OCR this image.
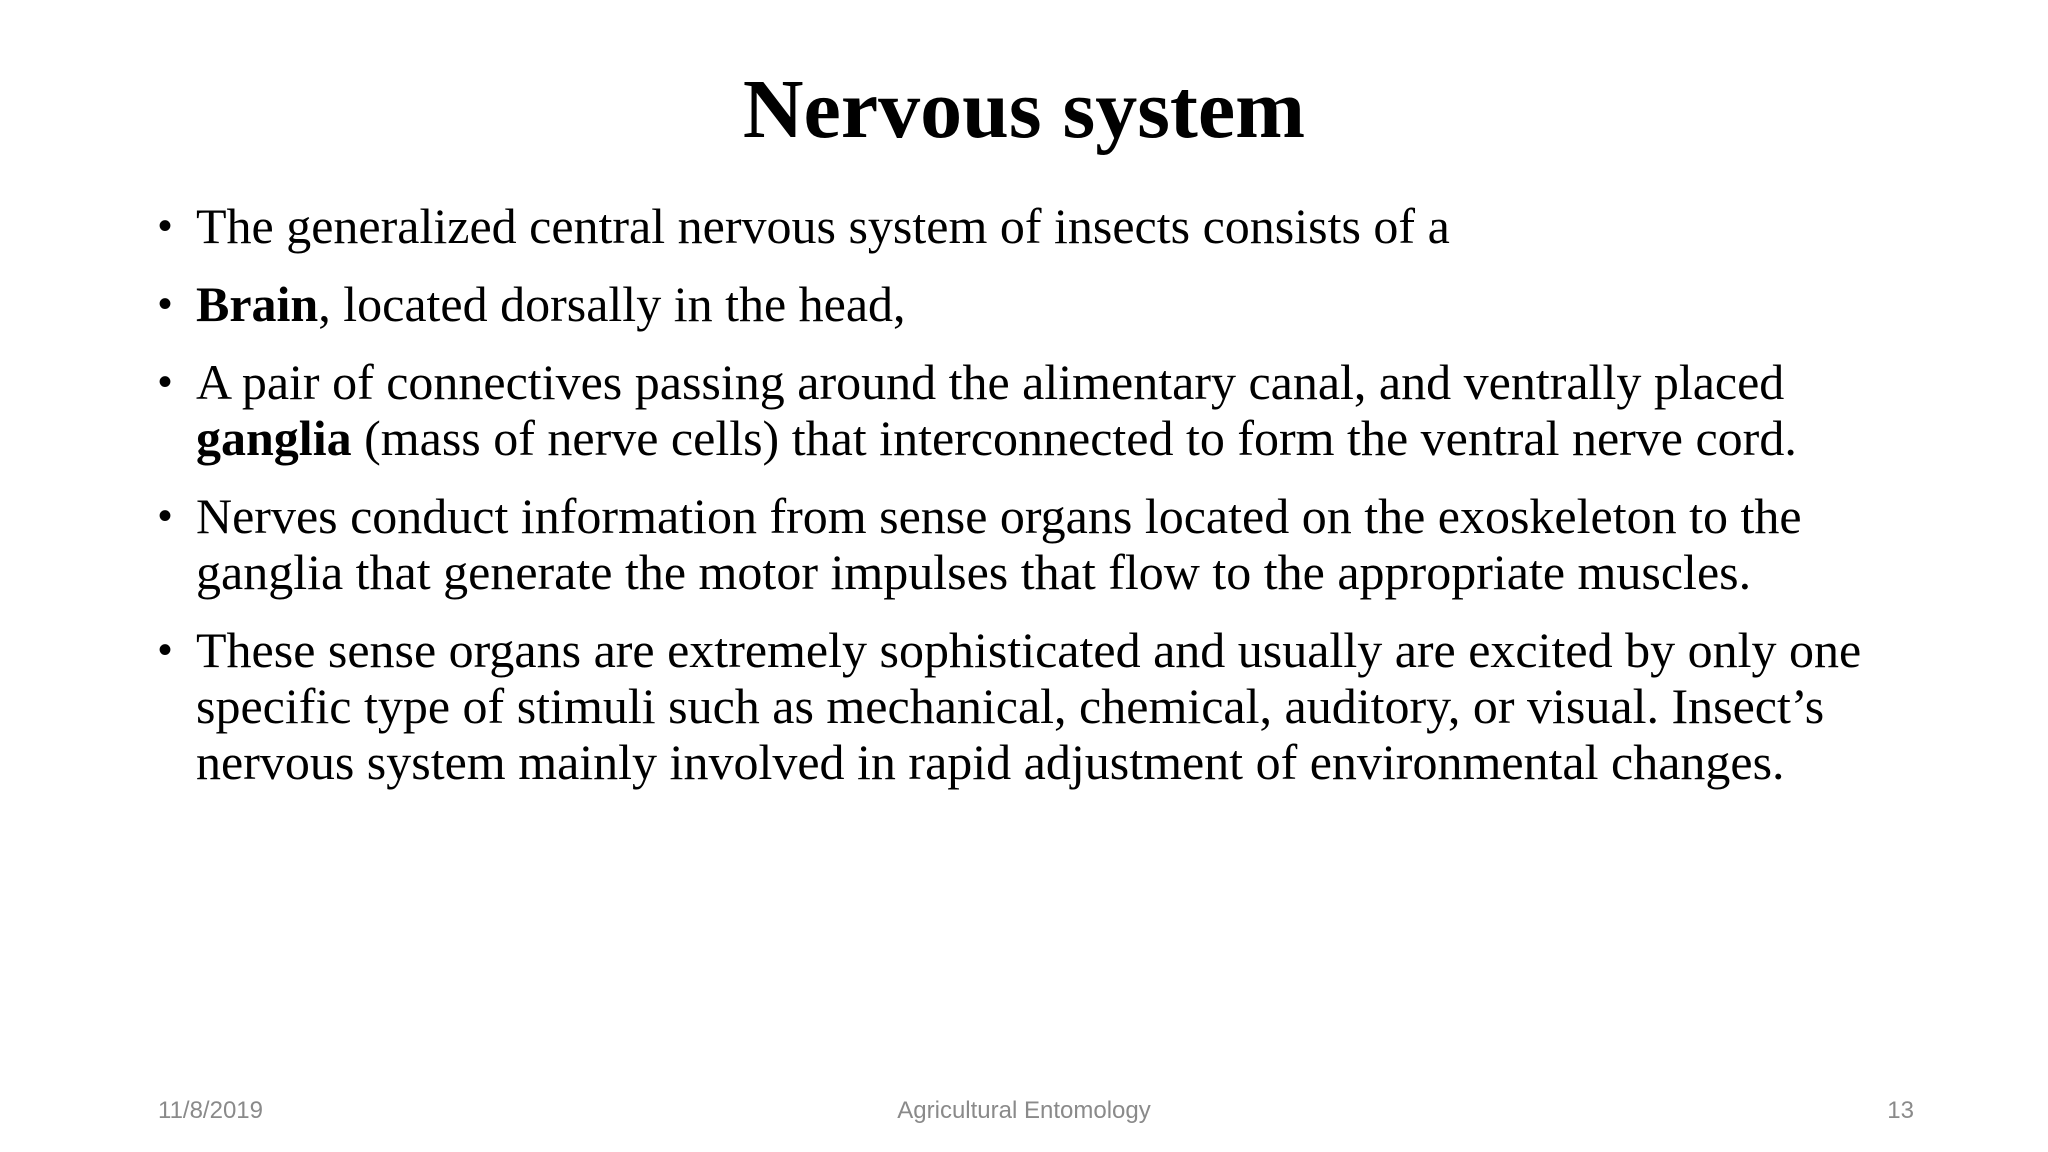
Nervous system
• The generalized central nervous system of insects consists of a
• Brain, located dorsally in the head,
• A pair of connectives passing around the alimentary canal, and ventrally placed ganglia (mass of nerve cells) that interconnected to form the ventral nerve cord.
• Nerves conduct information from sense organs located on the exoskeleton to the ganglia that generate the motor impulses that flow to the appropriate muscles.
• These sense organs are extremely sophisticated and usually are excited by only one specific type of stimuli such as mechanical, chemical, auditory, or visual. Insect’s nervous system mainly involved in rapid adjustment of environmental changes.
11/8/2019	Agricultural Entomology	13
